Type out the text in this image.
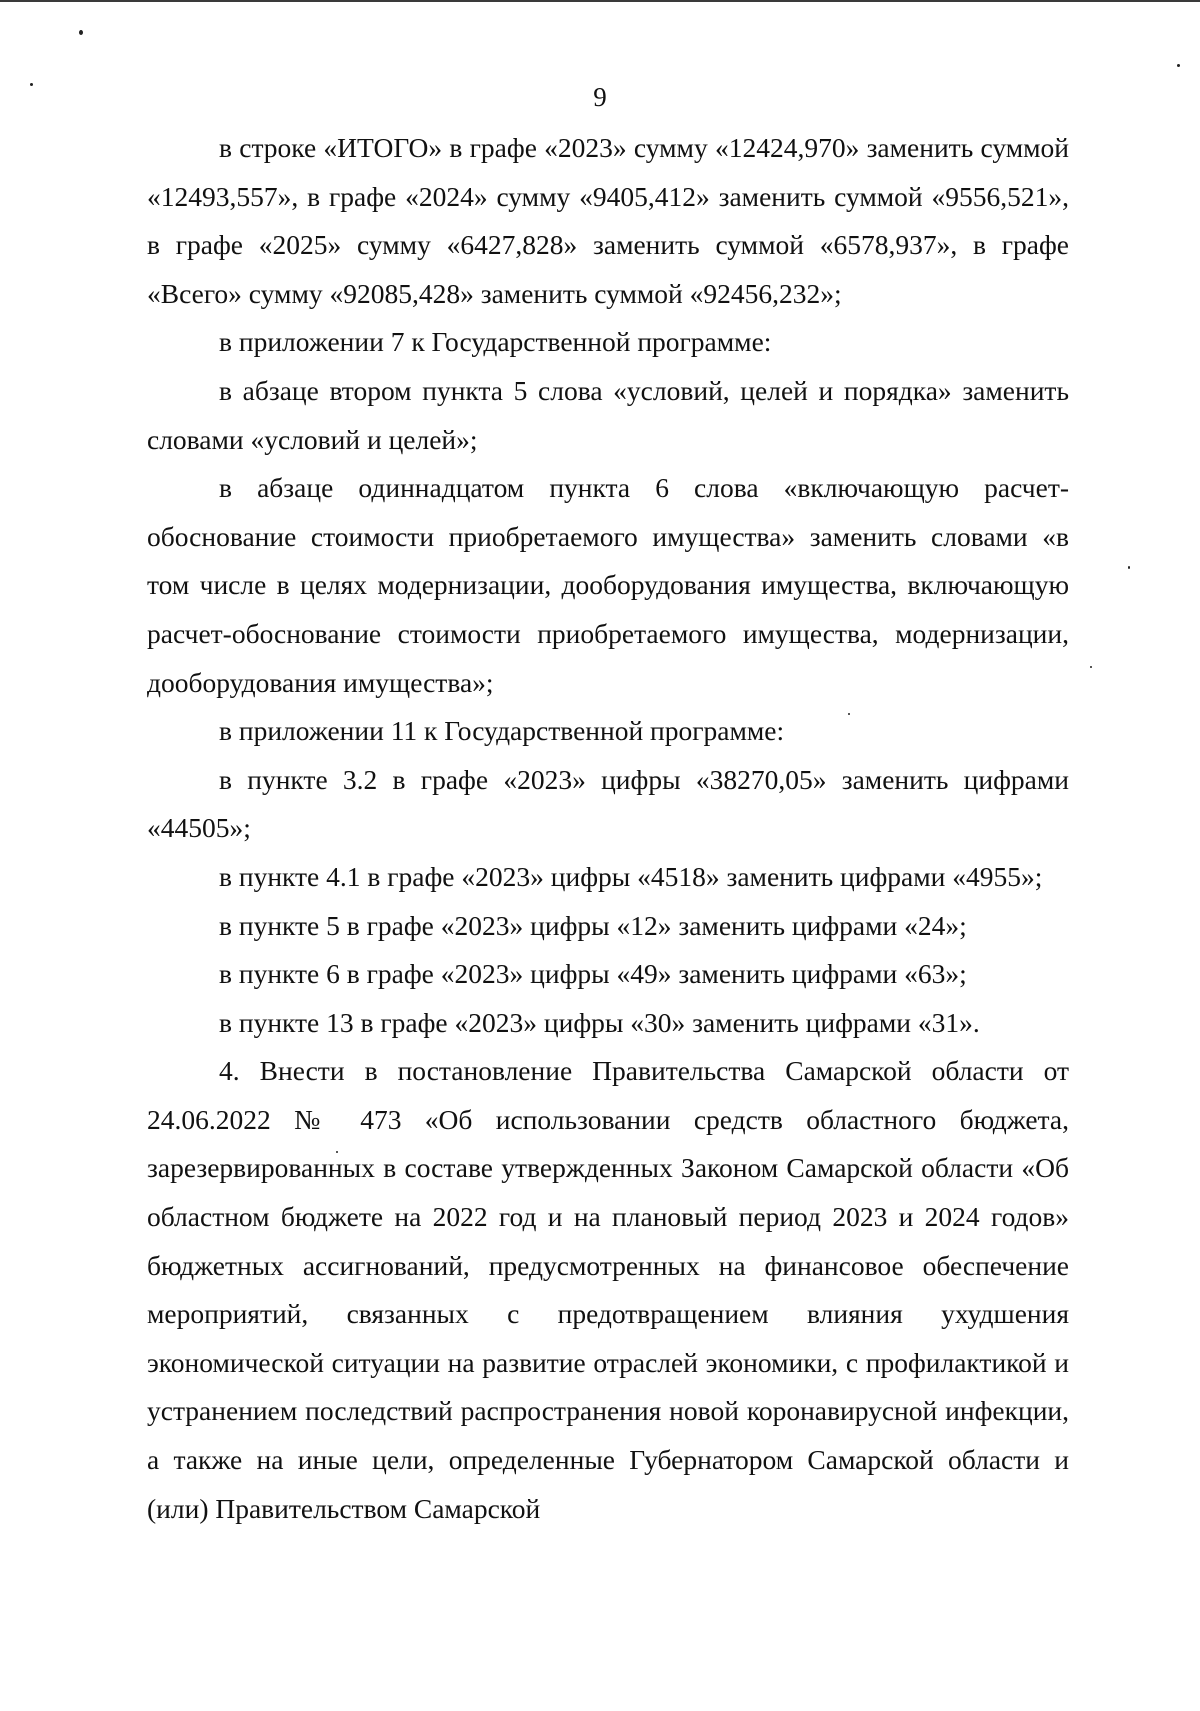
9

в строке «ИТОГО» в графе «2023» сумму «12424,970» заменить суммой «12493,557», в графе «2024» сумму «9405,412» заменить суммой «9556,521», в графе «2025» сумму «6427,828» заменить суммой «6578,937», в графе «Всего» сумму «92085,428» заменить суммой «92456,232»;

в приложении 7 к Государственной программе:

в абзаце втором пункта 5 слова «условий, целей и порядка» заменить словами «условий и целей»;

в абзаце одиннадцатом пункта 6 слова «включающую расчет-обоснование стоимости приобретаемого имущества» заменить словами «в том числе в целях модернизации, дооборудования имущества, включающую расчет-обоснование стоимости приобретаемого имущества, модернизации, дооборудования имущества»;

в приложении 11 к Государственной программе:

в пункте 3.2 в графе «2023» цифры «38270,05» заменить цифрами «44505»;

в пункте 4.1 в графе «2023» цифры «4518» заменить цифрами «4955»;

в пункте 5 в графе «2023» цифры «12» заменить цифрами «24»;

в пункте 6 в графе «2023» цифры «49» заменить цифрами «63»;

в пункте 13 в графе «2023» цифры «30» заменить цифрами «31».

4. Внести в постановление Правительства Самарской области от 24.06.2022 № 473 «Об использовании средств областного бюджета, зарезервированных в составе утвержденных Законом Самарской области «Об областном бюджете на 2022 год и на плановый период 2023 и 2024 годов» бюджетных ассигнований, предусмотренных на финансовое обеспечение мероприятий, связанных с предотвращением влияния ухудшения экономической ситуации на развитие отраслей экономики, с профилактикой и устранением последствий распространения новой коронавирусной инфекции, а также на иные цели, определенные Губернатором Самарской области и (или) Правительством Самарской
